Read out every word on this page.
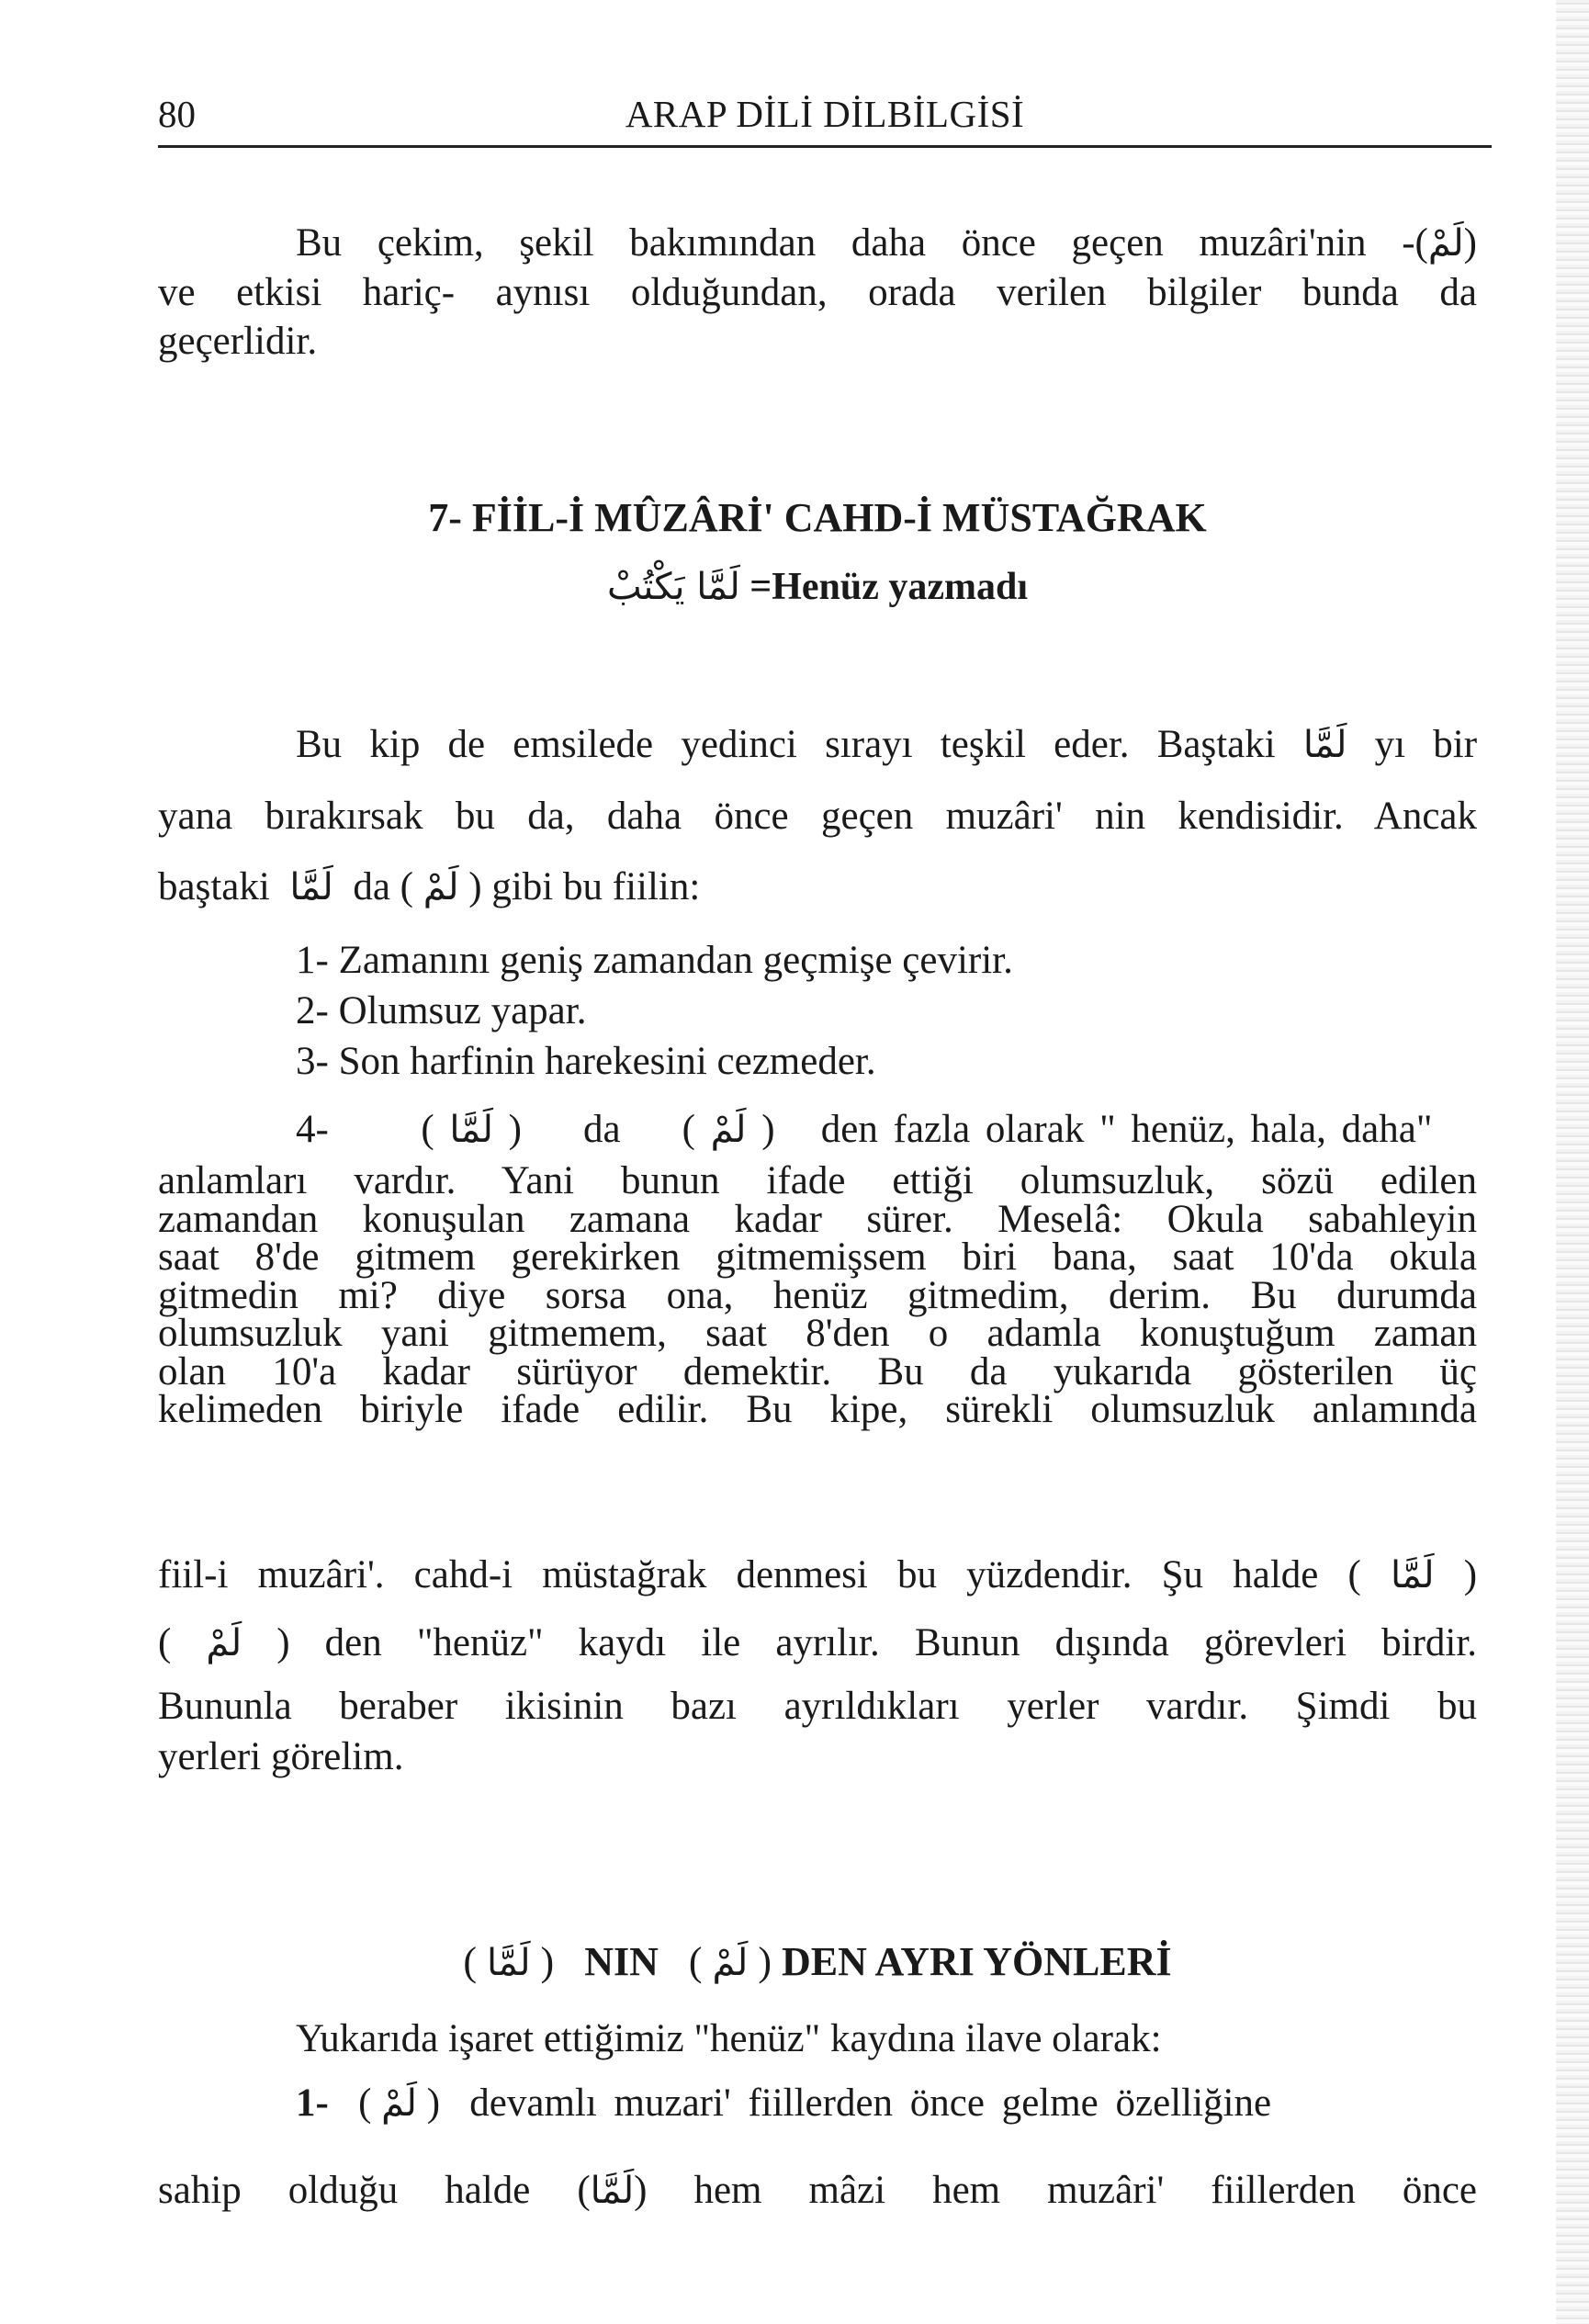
80	ARAP DİLİ DİLBİLGİSİ
Bu çekim, şekil bakımından daha önce geçen muzâri'nin -(لَمْ)
ve etkisi hariç- aynısı olduğundan, orada verilen bilgiler bunda da
geçerlidir.
7- FİİL-İ MÛZÂRİ' CAHD-İ MÜSTAĞRAK
لَمَّا يَكْتُبْ =Henüz yazmadı
Bu kip de emsilede yedinci sırayı teşkil eder. Baştaki لَمَّا yı bir
yana bırakırsak bu da, daha önce geçen muzâri' nin kendisidir. Ancak
baştaki لَمَّا da ( لَمْ ) gibi bu fiilin:
1- Zamanını geniş zamandan geçmişe çevirir.
2- Olumsuz yapar.
3- Son harfinin harekesini cezmeder.
4- ( لَمَّا ) da ( لَمْ ) den fazla olarak " henüz, hala, daha"
anlamları vardır. Yani bunun ifade ettiği olumsuzluk, sözü edilen
zamandan konuşulan zamana kadar sürer. Meselâ: Okula sabahleyin
saat 8'de gitmem gerekirken gitmemişsem biri bana, saat 10'da okula
gitmedin mi? diye sorsa ona, henüz gitmedim, derim. Bu durumda
olumsuzluk yani gitmemem, saat 8'den o adamla konuştuğum zaman
olan 10'a kadar sürüyor demektir. Bu da yukarıda gösterilen üç
kelimeden biriyle ifade edilir. Bu kipe, sürekli olumsuzluk anlamında
fiil-i muzâri'. cahd-i müstağrak denmesi bu yüzdendir. Şu halde ( لَمَّا )
( لَمْ ) den "henüz" kaydı ile ayrılır. Bunun dışında görevleri birdir.
Bununla beraber ikisinin bazı ayrıldıkları yerler vardır. Şimdi bu
yerleri görelim.
( لَمَّا ) NIN ( لَمْ ) DEN AYRI YÖNLERİ
Yukarıda işaret ettiğimiz "henüz" kaydına ilave olarak:
1- ( لَمْ ) devamlı muzari' fiillerden önce gelme özelliğine
sahip olduğu halde (لَمَّا) hem mâzi hem muzâri' fiillerden önce
